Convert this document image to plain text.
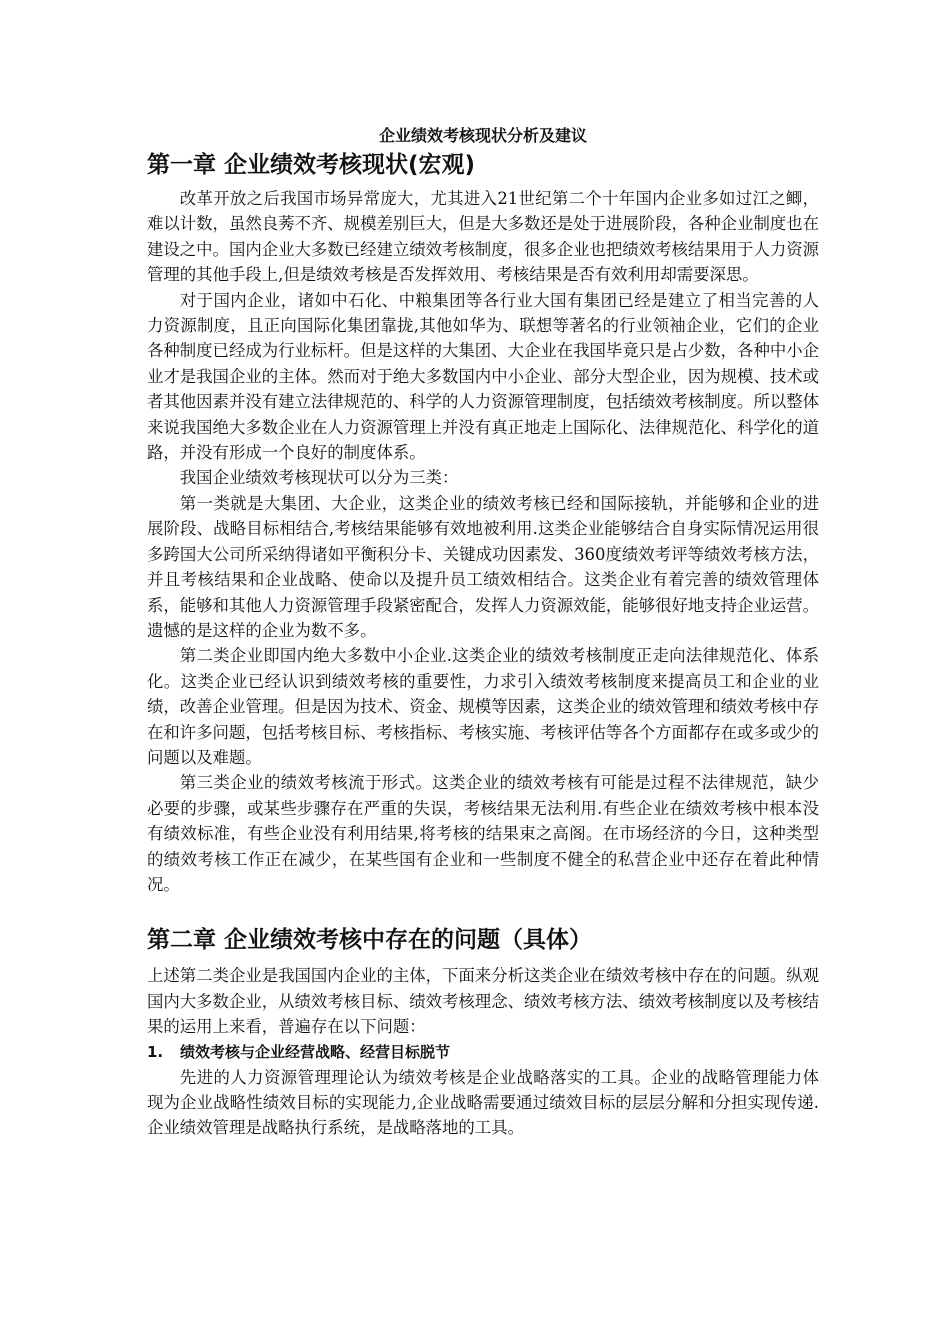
企业绩效考核现状分析及建议

第一章 企业绩效考核现状(宏观)

改革开放之后我国市场异常庞大，尤其进入21世纪第二个十年国内企业多如过江之鲫，难以计数，虽然良莠不齐、规模差别巨大，但是大多数还是处于进展阶段，各种企业制度也在建设之中。国内企业大多数已经建立绩效考核制度，很多企业也把绩效考核结果用于人力资源管理的其他手段上,但是绩效考核是否发挥效用、考核结果是否有效利用却需要深思。

对于国内企业，诸如中石化、中粮集团等各行业大国有集团已经是建立了相当完善的人力资源制度，且正向国际化集团靠拢,其他如华为、联想等著名的行业领袖企业，它们的企业各种制度已经成为行业标杆。但是这样的大集团、大企业在我国毕竟只是占少数，各种中小企业才是我国企业的主体。然而对于绝大多数国内中小企业、部分大型企业，因为规模、技术或者其他因素并没有建立法律规范的、科学的人力资源管理制度，包括绩效考核制度。所以整体来说我国绝大多数企业在人力资源管理上并没有真正地走上国际化、法律规范化、科学化的道路，并没有形成一个良好的制度体系。

我国企业绩效考核现状可以分为三类：

第一类就是大集团、大企业，这类企业的绩效考核已经和国际接轨，并能够和企业的进展阶段、战略目标相结合,考核结果能够有效地被利用.这类企业能够结合自身实际情况运用很多跨国大公司所采纳得诸如平衡积分卡、关键成功因素发、360度绩效考评等绩效考核方法，并且考核结果和企业战略、使命以及提升员工绩效相结合。这类企业有着完善的绩效管理体系，能够和其他人力资源管理手段紧密配合，发挥人力资源效能，能够很好地支持企业运营。遗憾的是这样的企业为数不多。

第二类企业即国内绝大多数中小企业.这类企业的绩效考核制度正走向法律规范化、体系化。这类企业已经认识到绩效考核的重要性，力求引入绩效考核制度来提高员工和企业的业绩，改善企业管理。但是因为技术、资金、规模等因素，这类企业的绩效管理和绩效考核中存在和许多问题，包括考核目标、考核指标、考核实施、考核评估等各个方面都存在或多或少的问题以及难题。

第三类企业的绩效考核流于形式。这类企业的绩效考核有可能是过程不法律规范，缺少必要的步骤，或某些步骤存在严重的失误，考核结果无法利用.有些企业在绩效考核中根本没有绩效标准，有些企业没有利用结果,将考核的结果束之高阁。在市场经济的今日，这种类型的绩效考核工作正在减少，在某些国有企业和一些制度不健全的私营企业中还存在着此种情况。

第二章 企业绩效考核中存在的问题（具体）

上述第二类企业是我国国内企业的主体，下面来分析这类企业在绩效考核中存在的问题。纵观国内大多数企业，从绩效考核目标、绩效考核理念、绩效考核方法、绩效考核制度以及考核结果的运用上来看，普遍存在以下问题：

1.	绩效考核与企业经营战略、经营目标脱节

先进的人力资源管理理论认为绩效考核是企业战略落实的工具。企业的战略管理能力体现为企业战略性绩效目标的实现能力,企业战略需要通过绩效目标的层层分解和分担实现传递.企业绩效管理是战略执行系统，是战略落地的工具。
